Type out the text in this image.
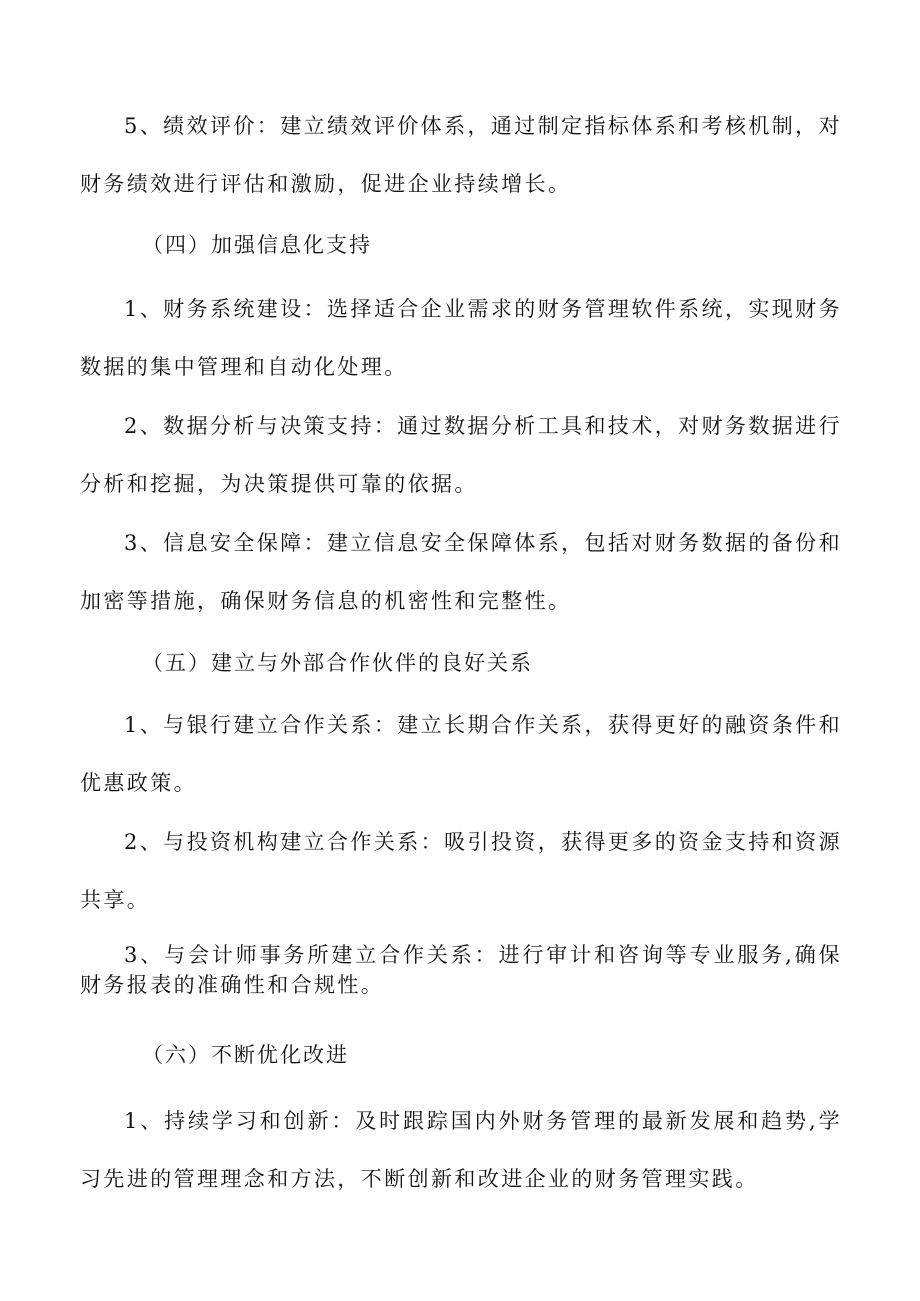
5、绩效评价：建立绩效评价体系，通过制定指标体系和考核机制，对财务绩效进行评估和激励，促进企业持续增长。

（四）加强信息化支持

1、财务系统建设：选择适合企业需求的财务管理软件系统，实现财务数据的集中管理和自动化处理。

2、数据分析与决策支持：通过数据分析工具和技术，对财务数据进行分析和挖掘，为决策提供可靠的依据。

3、信息安全保障：建立信息安全保障体系，包括对财务数据的备份和加密等措施，确保财务信息的机密性和完整性。

（五）建立与外部合作伙伴的良好关系

1、与银行建立合作关系：建立长期合作关系，获得更好的融资条件和优惠政策。

2、与投资机构建立合作关系：吸引投资，获得更多的资金支持和资源共享。

3、与会计师事务所建立合作关系：进行审计和咨询等专业服务,确保财务报表的准确性和合规性。

（六）不断优化改进

1、持续学习和创新：及时跟踪国内外财务管理的最新发展和趋势,学习先进的管理理念和方法，不断创新和改进企业的财务管理实践。
